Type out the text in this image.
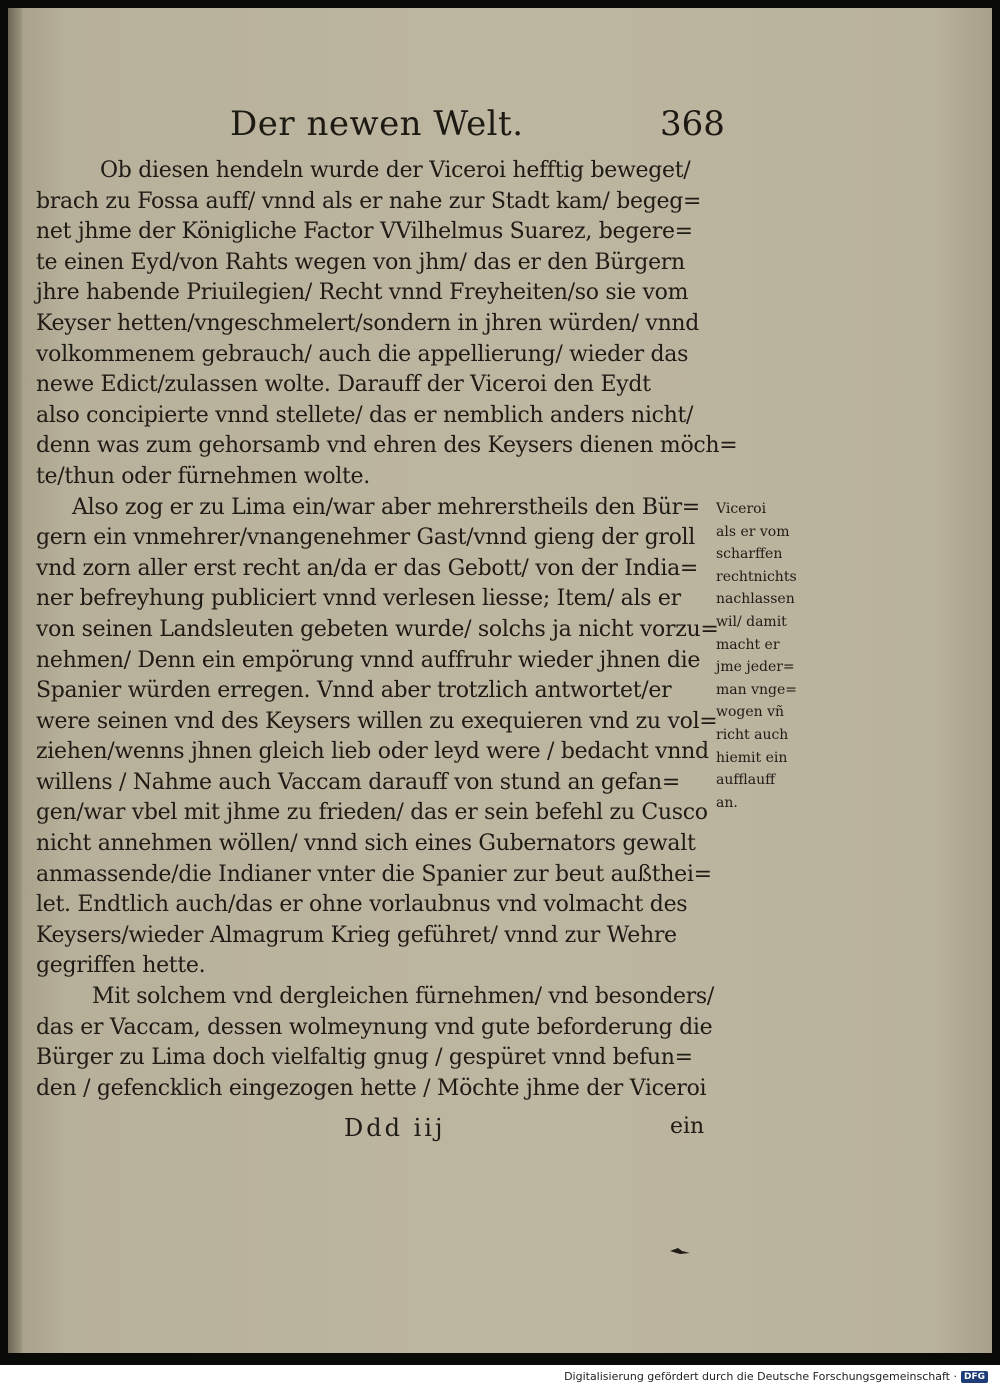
Der newen Welt.	368
Ob diesen hendeln wurde der Viceroi hefftig beweget/
brach zu Fossa auff/ vnnd als er nahe zur Stadt kam/ begeg=
net jhme der Königliche Factor VVilhelmus Suarez, begere=
te einen Eyd/von Rahts wegen von jhm/ das er den Bürgern
jhre habende Priuilegien/ Recht vnnd Freyheiten/so sie vom
Keyser hetten/vngeschmelert/sondern in jhren würden/ vnnd
volkommenem gebrauch/ auch die appellierung/ wieder das
newe Edict/zulassen wolte. Darauff der Viceroi den Eydt
also concipierte vnnd stellete/ das er nemblich anders nicht/
denn was zum gehorsamb vnd ehren des Keysers dienen möch=
te/thun oder fürnehmen wolte.
Also zog er zu Lima ein/war aber mehrerstheils den Bür=
gern ein vnmehrer/vnangenehmer Gast/vnnd gieng der groll
vnd zorn aller erst recht an/da er das Gebott/ von der India=
ner befreyhung publiciert vnnd verlesen liesse; Item/ als er
von seinen Landsleuten gebeten wurde/ solchs ja nicht vorzu=
nehmen/ Denn ein empörung vnnd auffruhr wieder jhnen die
Spanier würden erregen. Vnnd aber trotzlich antwortet/er
were seinen vnd des Keysers willen zu exequieren vnd zu vol=
ziehen/wenns jhnen gleich lieb oder leyd were / bedacht vnnd
willens / Nahme auch Vaccam darauff von stund an gefan=
gen/war vbel mit jhme zu frieden/ das er sein befehl zu Cusco
nicht annehmen wöllen/ vnnd sich eines Gubernators gewalt
anmassende/die Indianer vnter die Spanier zur beut außthei=
let. Endtlich auch/das er ohne vorlaubnus vnd volmacht des
Keysers/wieder Almagrum Krieg geführet/ vnnd zur Wehre
gegriffen hette.
Mit solchem vnd dergleichen fürnehmen/ vnd besonders/
das er Vaccam, dessen wolmeynung vnd gute beforderung die
Bürger zu Lima doch vielfaltig gnug / gespüret vnnd befun=
den / gefencklich eingezogen hette / Möchte jhme der Viceroi
Viceroi
als er vom
scharffen
rechtnichts
nachlassen
wil/ damit
macht er
jme jeder=
man vnge=
wogen vñ
richt auch
hiemit ein
aufflauff
an.
Ddd iij	ein
Digitalisierung gefördert durch die Deutsche Forschungsgemeinschaft · DFG
